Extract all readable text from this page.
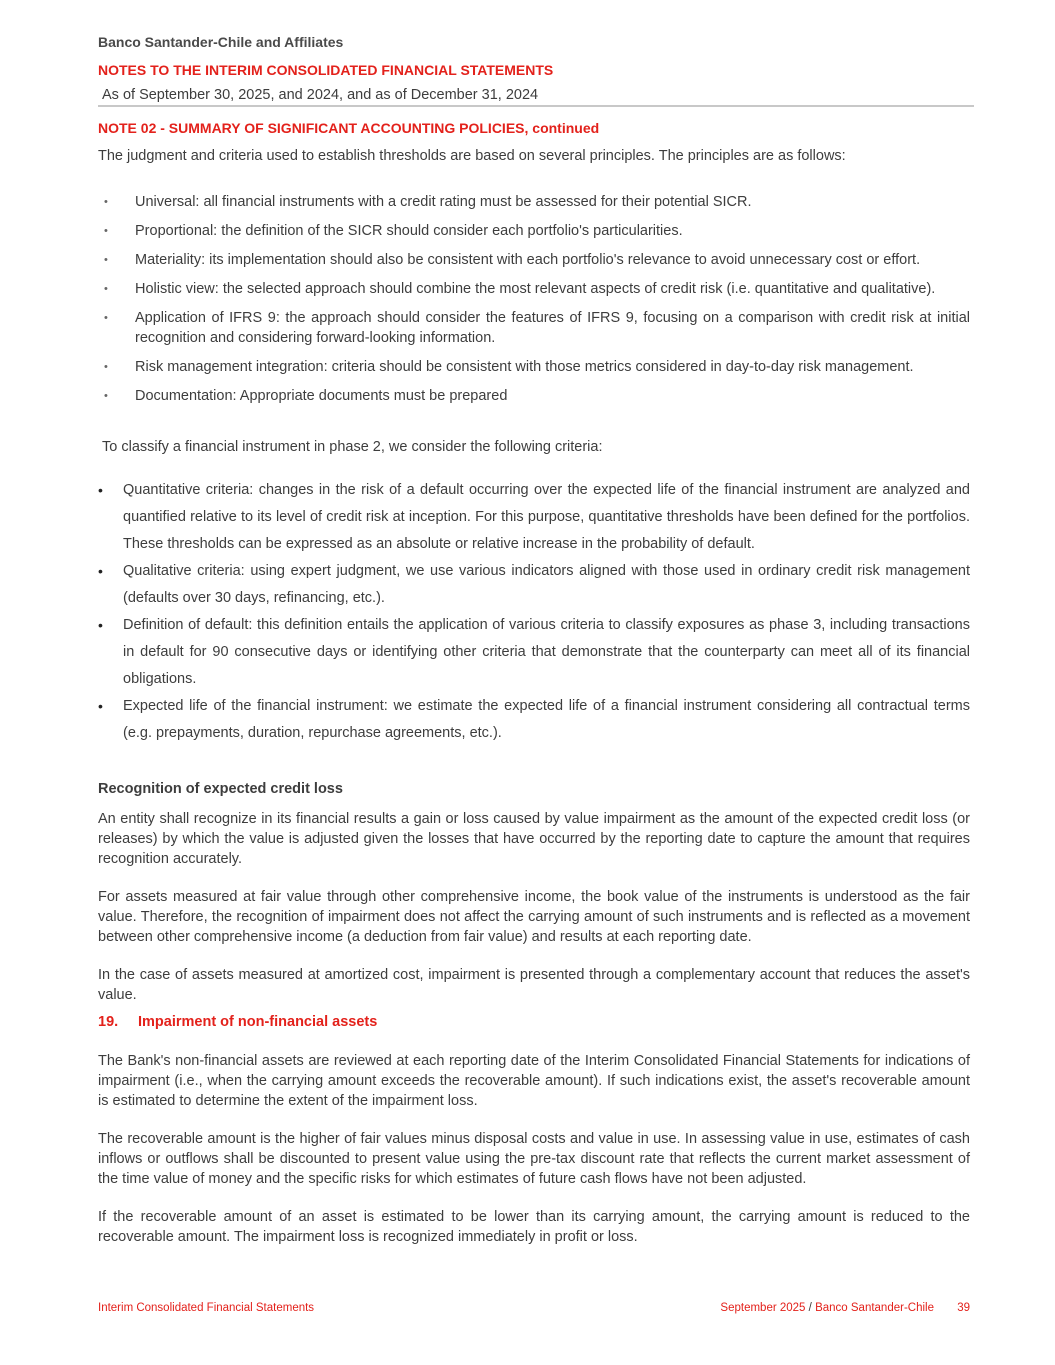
Banco Santander-Chile and Affiliates
NOTES TO THE INTERIM CONSOLIDATED FINANCIAL STATEMENTS
As of September 30, 2025, and 2024, and as of December 31, 2024
NOTE 02 - SUMMARY OF SIGNIFICANT ACCOUNTING POLICIES, continued

The judgment and criteria used to establish thresholds are based on several principles. The principles are as follows:

• Universal: all financial instruments with a credit rating must be assessed for their potential SICR.
• Proportional: the definition of the SICR should consider each portfolio's particularities.
• Materiality: its implementation should also be consistent with each portfolio's relevance to avoid unnecessary cost or effort.
• Holistic view: the selected approach should combine the most relevant aspects of credit risk (i.e. quantitative and qualitative).
• Application of IFRS 9: the approach should consider the features of IFRS 9, focusing on a comparison with credit risk at initial recognition and considering forward-looking information.
• Risk management integration: criteria should be consistent with those metrics considered in day-to-day risk management.
• Documentation: Appropriate documents must be prepared

To classify a financial instrument in phase 2, we consider the following criteria:

• Quantitative criteria: changes in the risk of a default occurring over the expected life of the financial instrument are analyzed and quantified relative to its level of credit risk at inception. For this purpose, quantitative thresholds have been defined for the portfolios. These thresholds can be expressed as an absolute or relative increase in the probability of default.
• Qualitative criteria: using expert judgment, we use various indicators aligned with those used in ordinary credit risk management (defaults over 30 days, refinancing, etc.).
• Definition of default: this definition entails the application of various criteria to classify exposures as phase 3, including transactions in default for 90 consecutive days or identifying other criteria that demonstrate that the counterparty can meet all of its financial obligations.
• Expected life of the financial instrument: we estimate the expected life of a financial instrument considering all contractual terms (e.g. prepayments, duration, repurchase agreements, etc.).
Recognition of expected credit loss

An entity shall recognize in its financial results a gain or loss caused by value impairment as the amount of the expected credit loss (or releases) by which the value is adjusted given the losses that have occurred by the reporting date to capture the amount that requires recognition accurately.

For assets measured at fair value through other comprehensive income, the book value of the instruments is understood as the fair value. Therefore, the recognition of impairment does not affect the carrying amount of such instruments and is reflected as a movement between other comprehensive income (a deduction from fair value) and results at each reporting date.

In the case of assets measured at amortized cost, impairment is presented through a complementary account that reduces the asset's value.

19. Impairment of non-financial assets

The Bank's non-financial assets are reviewed at each reporting date of the Interim Consolidated Financial Statements for indications of impairment (i.e., when the carrying amount exceeds the recoverable amount). If such indications exist, the asset's recoverable amount is estimated to determine the extent of the impairment loss.

The recoverable amount is the higher of fair values minus disposal costs and value in use. In assessing value in use, estimates of cash inflows or outflows shall be discounted to present value using the pre-tax discount rate that reflects the current market assessment of the time value of money and the specific risks for which estimates of future cash flows have not been adjusted.

If the recoverable amount of an asset is estimated to be lower than its carrying amount, the carrying amount is reduced to the recoverable amount. The impairment loss is recognized immediately in profit or loss.

Interim Consolidated Financial Statements	September 2025 / Banco Santander-Chile 39
